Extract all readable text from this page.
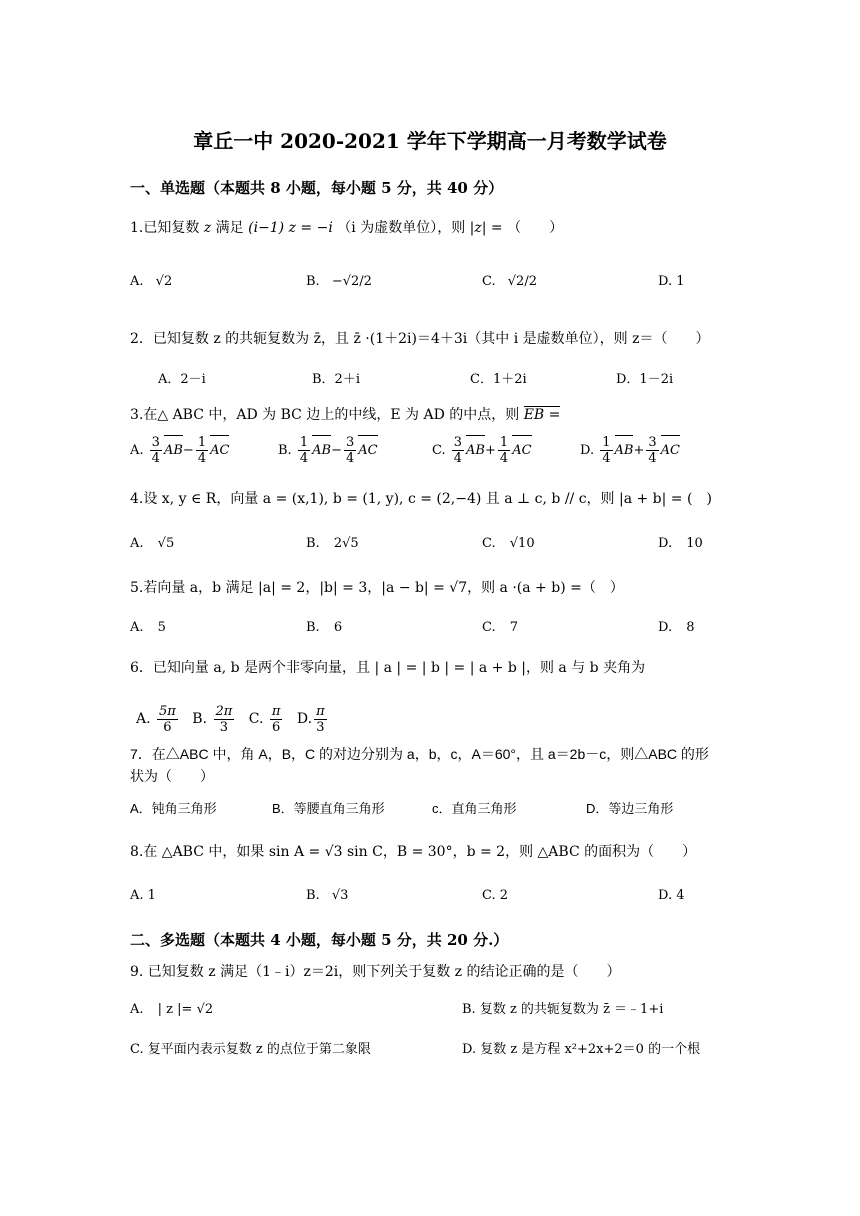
章丘一中 2020-2021 学年下学期高一月考数学试卷
一、单选题（本题共 8 小题，每小题 5 分，共 40 分）
1.已知复数 z 满足 (i−1) z = −i （i 为虚数单位），则 |z| = （　　）
A. √2	B. −√2/2	C. √2/2	D. 1
2．已知复数 z 的共轭复数为 z̄，且 z̄ ·(1＋2i)＝4＋3i（其中 i 是虚数单位），则 z＝（　　）
A．2－i	B．2＋i	C．1＋2i	D．1－2i
3.在△ ABC 中，AD 为 BC 边上的中线，E 为 AD 的中点，则 EB =
A. $\frac{3}{4} AB- \frac{1}{4}$ AC	B. $\frac{1}{4} AB- \frac{3}{4}$ AC	C. $\frac{3}{4} AB+ \frac{1}{4}$ AC	D. $\frac{1}{4} AB+ \frac{3}{4}$ AC
4.设 x, y ∈ R，向量 a = (x,1), b = (1, y), c = (2,−4) 且 a ⊥ c, b // c，则 |a + b| = (　)
A. √5	B. 2√5	C. √10	D. 10
5.若向量 a，b 满足 |a| = 2，|b| = 3，|a − b| = √7，则 a ·(a + b) =（　）
A. 5	B. 6	C. 7	D. 8
6．已知向量 a, b 是两个非零向量，且 | a | = | b | = | a + b |，则 a 与 b 夹角为
A. $\frac{5\pi}{6} B$. $\frac{2\pi}{3} C$. $\frac{\pi}{6} D$. $\frac{\pi}{3}$
7．在△ABC 中，角 A，B，C 的对边分别为 a，b，c，A＝60°，且 a＝2b－c，则△ABC 的形
状为（　　）
A．钝角三角形	B．等腰直角三角形	c．直角三角形	D．等边三角形
8.在 △ABC 中，如果 sin A = √3 sin C，B = 30°，b = 2，则 △ABC 的面积为（　　）
A. 1	B. √3	C. 2	D. 4
二、多选题（本题共 4 小题，每小题 5 分，共 20 分.）
9. 已知复数 z 满足（1﹣i）z＝2i，则下列关于复数 z 的结论正确的是（　　）
A. | z |= √2	B. 复数 z 的共轭复数为 z̄ ＝﹣1+i
C. 复平面内表示复数 z 的点位于第二象限	D. 复数 z 是方程 x²+2x+2＝0 的一个根
